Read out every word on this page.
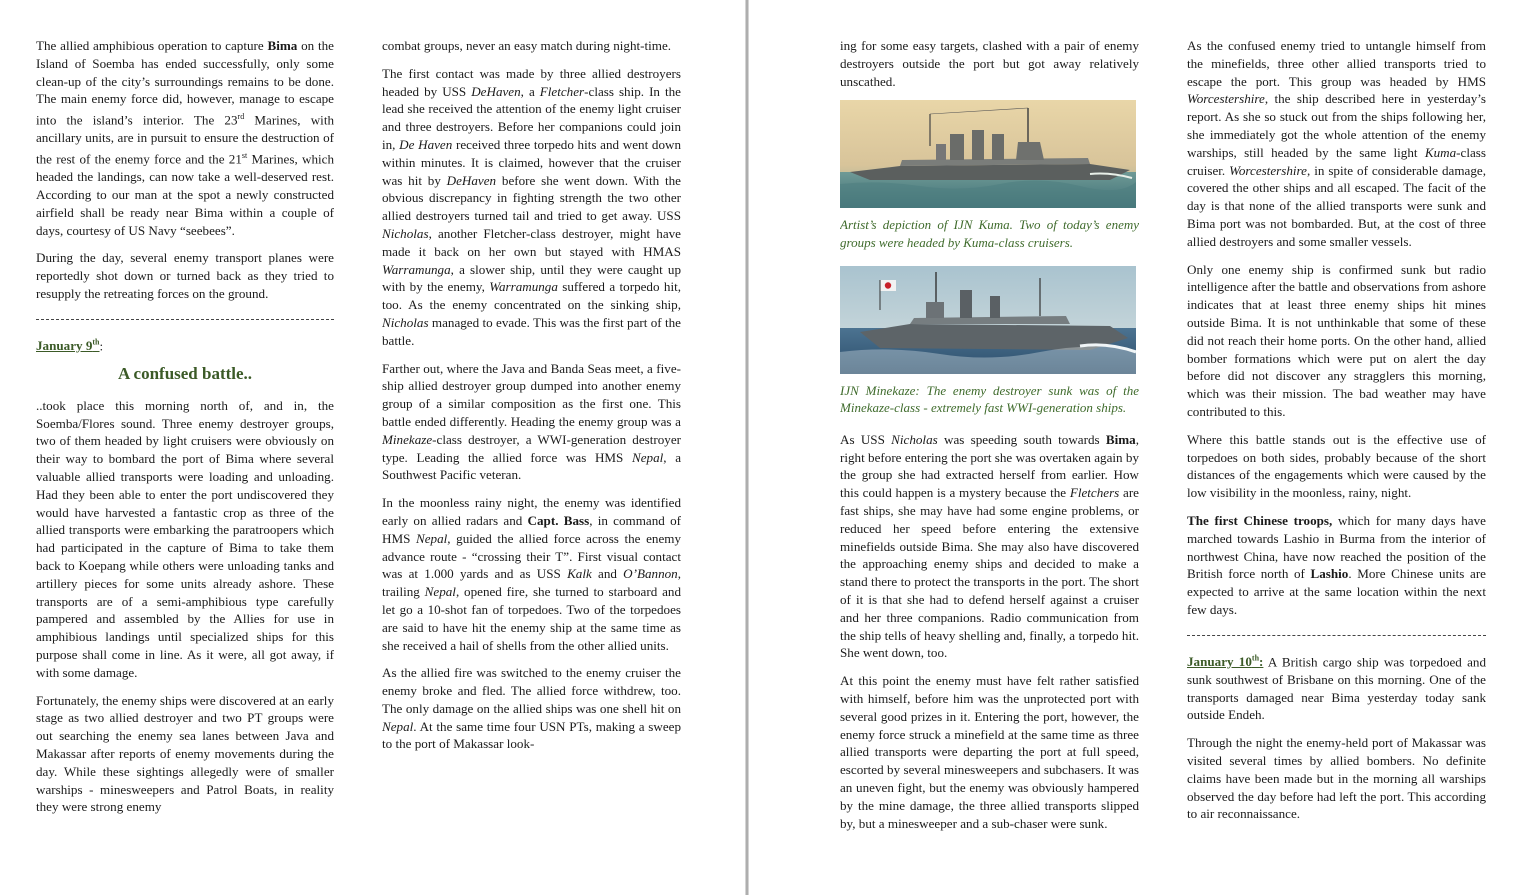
The allied amphibious operation to capture Bima on the Island of Soemba has ended successfully, only some clean-up of the city’s surroundings remains to be done. The main enemy force did, however, manage to escape into the island’s interior. The 23rd Marines, with ancillary units, are in pursuit to ensure the destruction of the rest of the enemy force and the 21st Marines, which headed the landings, can now take a well-deserved rest. According to our man at the spot a newly constructed airfield shall be ready near Bima within a couple of days, courtesy of US Navy “seebees”.

During the day, several enemy transport planes were reportedly shot down or turned back as they tried to resupply the retreating forces on the ground.

January 9th:
A confused battle..

..took place this morning north of, and in, the Soemba/Flores sound. Three enemy destroyer groups, two of them headed by light cruisers were obviously on their way to bombard the port of Bima where several valuable allied transports were loading and unloading. Had they been able to enter the port undiscovered they would have harvested a fantastic crop as three of the allied transports were embarking the paratroopers which had participated in the capture of Bima to take them back to Koepang while others were unloading tanks and artillery pieces for some units already ashore. These transports are of a semi-amphibious type carefully pampered and assembled by the Allies for use in amphibious landings until specialized ships for this purpose shall come in line. As it were, all got away, if with some damage.

Fortunately, the enemy ships were discovered at an early stage as two allied destroyer and two PT groups were out searching the enemy sea lanes between Java and Makassar after reports of enemy movements during the day. While these sightings allegedly were of smaller warships - minesweepers and Patrol Boats, in reality they were strong enemy

combat groups, never an easy match during night-time.

The first contact was made by three allied destroyers headed by USS DeHaven, a Fletcher-class ship. In the lead she received the attention of the enemy light cruiser and three destroyers. Before her companions could join in, De Haven received three torpedo hits and went down within minutes. It is claimed, however that the cruiser was hit by DeHaven before she went down. With the obvious discrepancy in fighting strength the two other allied destroyers turned tail and tried to get away. USS Nicholas, another Fletcher-class destroyer, might have made it back on her own but stayed with HMAS Warramunga, a slower ship, until they were caught up with by the enemy, Warramunga suffered a torpedo hit, too. As the enemy concentrated on the sinking ship, Nicholas managed to evade. This was the first part of the battle.

Farther out, where the Java and Banda Seas meet, a five-ship allied destroyer group dumped into another enemy group of a similar composition as the first one. This battle ended differently. Heading the enemy group was a Minekaze-class destroyer, a WWI-generation destroyer type. Leading the allied force was HMS Nepal, a Southwest Pacific veteran.

In the moonless rainy night, the enemy was identified early on allied radars and Capt. Bass, in command of HMS Nepal, guided the allied force across the enemy advance route - “crossing their T”. First visual contact was at 1.000 yards and as USS Kalk and O’Bannon, trailing Nepal, opened fire, she turned to starboard and let go a 10-shot fan of torpedoes. Two of the torpedoes are said to have hit the enemy ship at the same time as she received a hail of shells from the other allied units.

As the allied fire was switched to the enemy cruiser the enemy broke and fled. The allied force withdrew, too. The only damage on the allied ships was one shell hit on Nepal. At the same time four USN PTs, making a sweep to the port of Makassar look-

ing for some easy targets, clashed with a pair of enemy destroyers outside the port but got away relatively unscathed.

Artist’s depiction of IJN Kuma. Two of today’s enemy groups were headed by Kuma-class cruisers.
IJN Minekaze: The enemy destroyer sunk was of the Minekaze-class - extremely fast WWI-generation ships.

As USS Nicholas was speeding south towards Bima, right before entering the port she was overtaken again by the group she had extracted herself from earlier. How this could happen is a mystery because the Fletchers are fast ships, she may have had some engine problems, or reduced her speed before entering the extensive minefields outside Bima. She may also have discovered the approaching enemy ships and decided to make a stand there to protect the transports in the port. The short of it is that she had to defend herself against a cruiser and her three companions. Radio communication from the ship tells of heavy shelling and, finally, a torpedo hit. She went down, too.

At this point the enemy must have felt rather satisfied with himself, before him was the unprotected port with several good prizes in it. Entering the port, however, the enemy force struck a minefield at the same time as three allied transports were departing the port at full speed, escorted by several minesweepers and subchasers. It was an uneven fight, but the enemy was obviously hampered by the mine damage, the three allied transports slipped by, but a minesweeper and a sub-chaser were sunk.

As the confused enemy tried to untangle himself from the minefields, three other allied transports tried to escape the port. This group was headed by HMS Worcestershire, the ship described here in yesterday’s report. As she so stuck out from the ships following her, she immediately got the whole attention of the enemy warships, still headed by the same light Kuma-class cruiser. Worcestershire, in spite of considerable damage, covered the other ships and all escaped. The facit of the day is that none of the allied transports were sunk and Bima port was not bombarded. But, at the cost of three allied destroyers and some smaller vessels.

Only one enemy ship is confirmed sunk but radio intelligence after the battle and observations from ashore indicates that at least three enemy ships hit mines outside Bima. It is not unthinkable that some of these did not reach their home ports. On the other hand, allied bomber formations which were put on alert the day before did not discover any stragglers this morning, which was their mission. The bad weather may have contributed to this.

Where this battle stands out is the effective use of torpedoes on both sides, probably because of the short distances of the engagements which were caused by the low visibility in the moonless, rainy, night.

The first Chinese troops, which for many days have marched towards Lashio in Burma from the interior of northwest China, have now reached the position of the British force north of Lashio. More Chinese units are expected to arrive at the same location within the next few days.

January 10th: A British cargo ship was torpedoed and sunk southwest of Brisbane on this morning. One of the transports damaged near Bima yesterday today sank outside Endeh.

Through the night the enemy-held port of Makassar was visited several times by allied bombers. No definite claims have been made but in the morning all warships observed the day before had left the port. This according to air reconnaissance.
